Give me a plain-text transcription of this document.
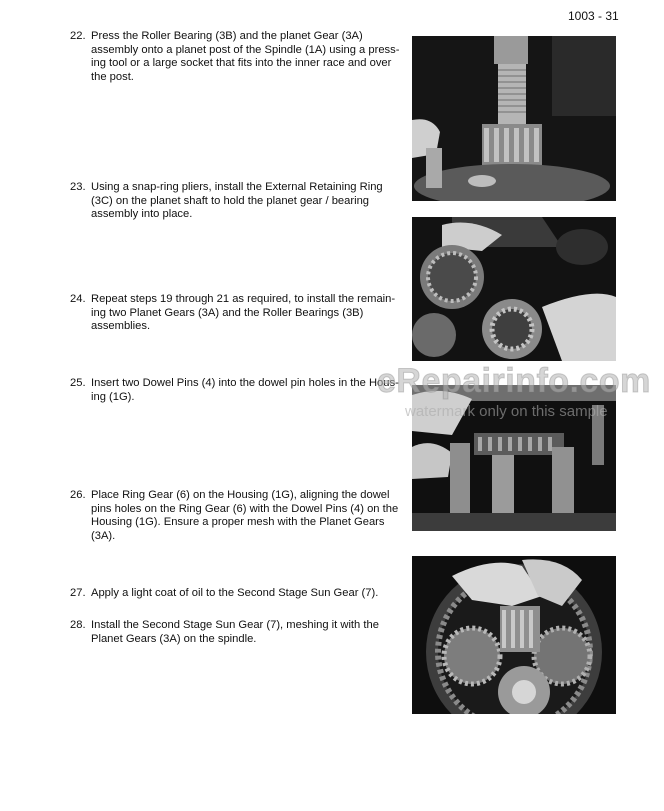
1003 - 31
22. Press the Roller Bearing (3B) and the planet Gear (3A) assembly onto a planet post of the Spindle (1A) using a press-ing tool or a large socket that fits into the inner race and over the post.
23. Using a snap-ring pliers, install the External Retaining Ring (3C) on the planet shaft to hold the planet gear / bearing assembly into place.
24. Repeat steps 19 through 21 as required, to install the remain-ing two Planet Gears (3A) and the Roller Bearings (3B) assemblies.
25. Insert two Dowel Pins (4) into the dowel pin holes in the Hous-ing (1G).
26. Place Ring Gear (6) on the Housing (1G), aligning the dowel pins holes on the Ring Gear (6) with the Dowel Pins (4) on the Housing (1G). Ensure a proper mesh with the Planet Gears (3A).
27. Apply a light coat of oil to the Second Stage Sun Gear (7).
28. Install the Second Stage Sun Gear (7), meshing it with the Planet Gears (3A) on the spindle.
eRepairinfo.com
watermark only on this sample
